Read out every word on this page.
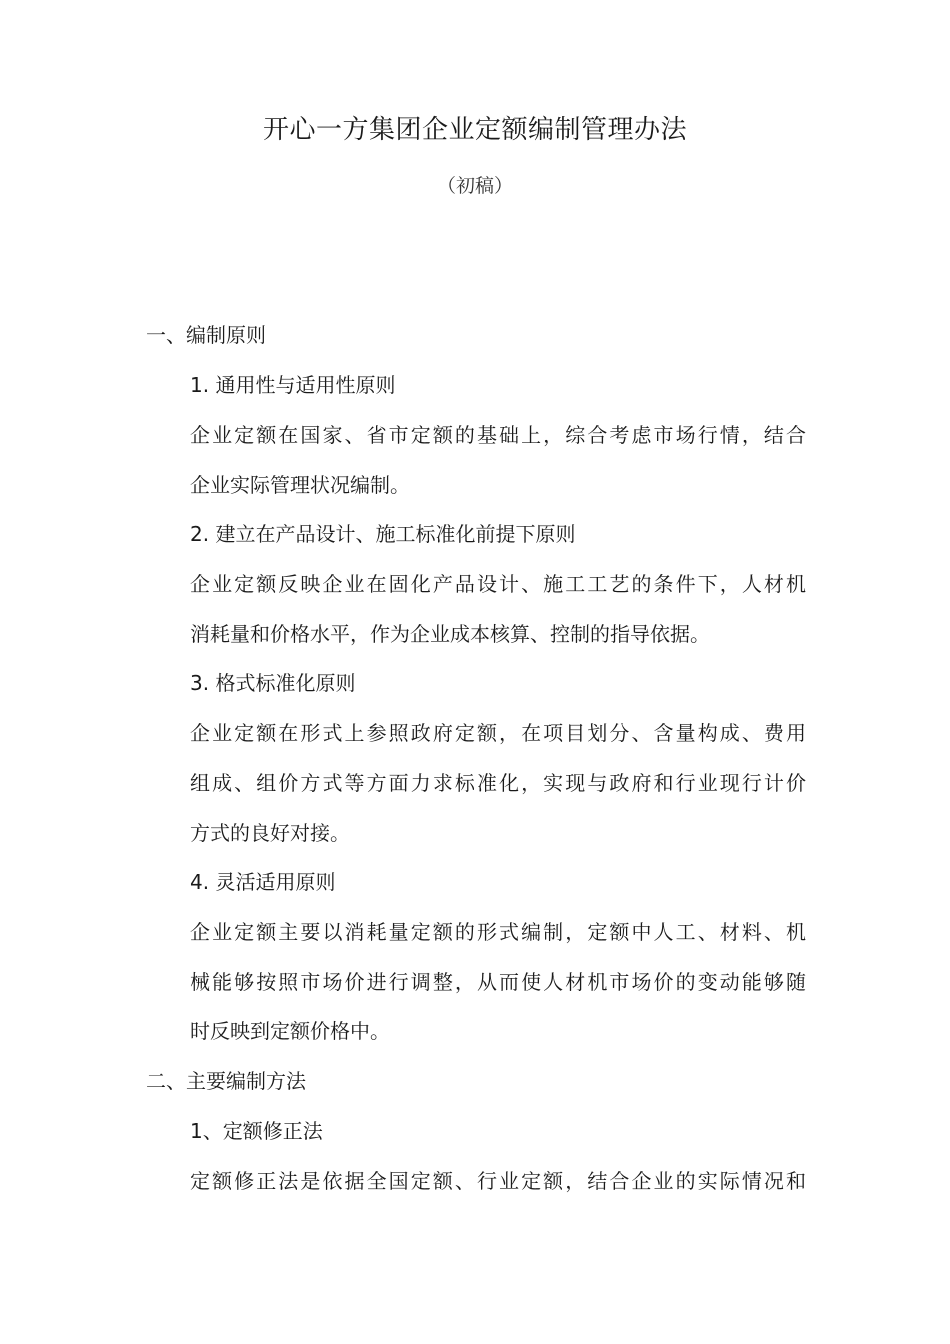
开心一方集团企业定额编制管理办法
（初稿）
一、编制原则
1. 通用性与适用性原则
企业定额在国家、省市定额的基础上，综合考虑市场行情，结合
企业实际管理状况编制。
2. 建立在产品设计、施工标准化前提下原则
企业定额反映企业在固化产品设计、施工工艺的条件下，人材机
消耗量和价格水平，作为企业成本核算、控制的指导依据。
3. 格式标准化原则
企业定额在形式上参照政府定额，在项目划分、含量构成、费用
组成、组价方式等方面力求标准化，实现与政府和行业现行计价
方式的良好对接。
4. 灵活适用原则
企业定额主要以消耗量定额的形式编制，定额中人工、材料、机
械能够按照市场价进行调整，从而使人材机市场价的变动能够随
时反映到定额价格中。
二、主要编制方法
1、定额修正法
定额修正法是依据全国定额、行业定额，结合企业的实际情况和
